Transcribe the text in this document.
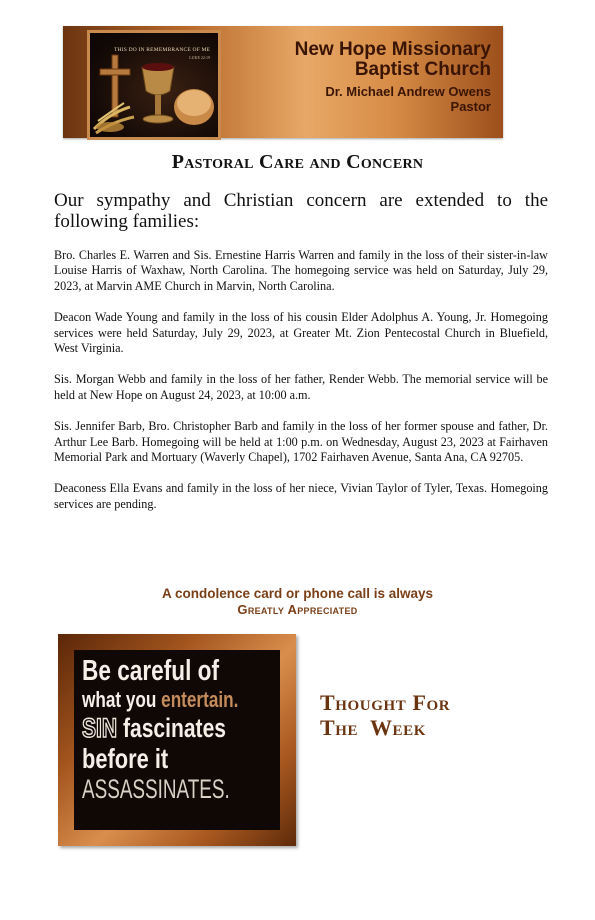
THIS DO IN REMEMBRANCE OF ME
LUKE 22:19	New Hope Missionary
Baptist Church
Dr. Michael Andrew Owens
Pastor
Pastoral Care and Concern
Our sympathy and Christian concern are extended to the following families:

Bro. Charles E. Warren and Sis. Ernestine Harris Warren and family in the loss of their sister-in-law Louise Harris of Waxhaw, North Carolina. The homegoing service was held on Saturday, July 29, 2023, at Marvin AME Church in Marvin, North Carolina.

Deacon Wade Young and family in the loss of his cousin Elder Adolphus A. Young, Jr. Homegoing services were held Saturday, July 29, 2023, at Greater Mt. Zion Pentecostal Church in Bluefield, West Virginia.

Sis. Morgan Webb and family in the loss of her father, Render Webb. The memorial service will be held at New Hope on August 24, 2023, at 10:00 a.m.

Sis. Jennifer Barb, Bro. Christopher Barb and family in the loss of her former spouse and father, Dr. Arthur Lee Barb. Homegoing will be held at 1:00 p.m. on Wednesday, August 23, 2023 at Fairhaven Memorial Park and Mortuary (Waverly Chapel), 1702 Fairhaven Avenue, Santa Ana, CA 92705.

Deaconess Ella Evans and family in the loss of her niece, Vivian Taylor of Tyler, Texas. Homegoing services are pending.

A condolence card or phone call is always
Greatly Appreciated
Be careful of
what you entertain.
SIN fascinates
before it
ASSASSINATES.
Thought For
The  Week
